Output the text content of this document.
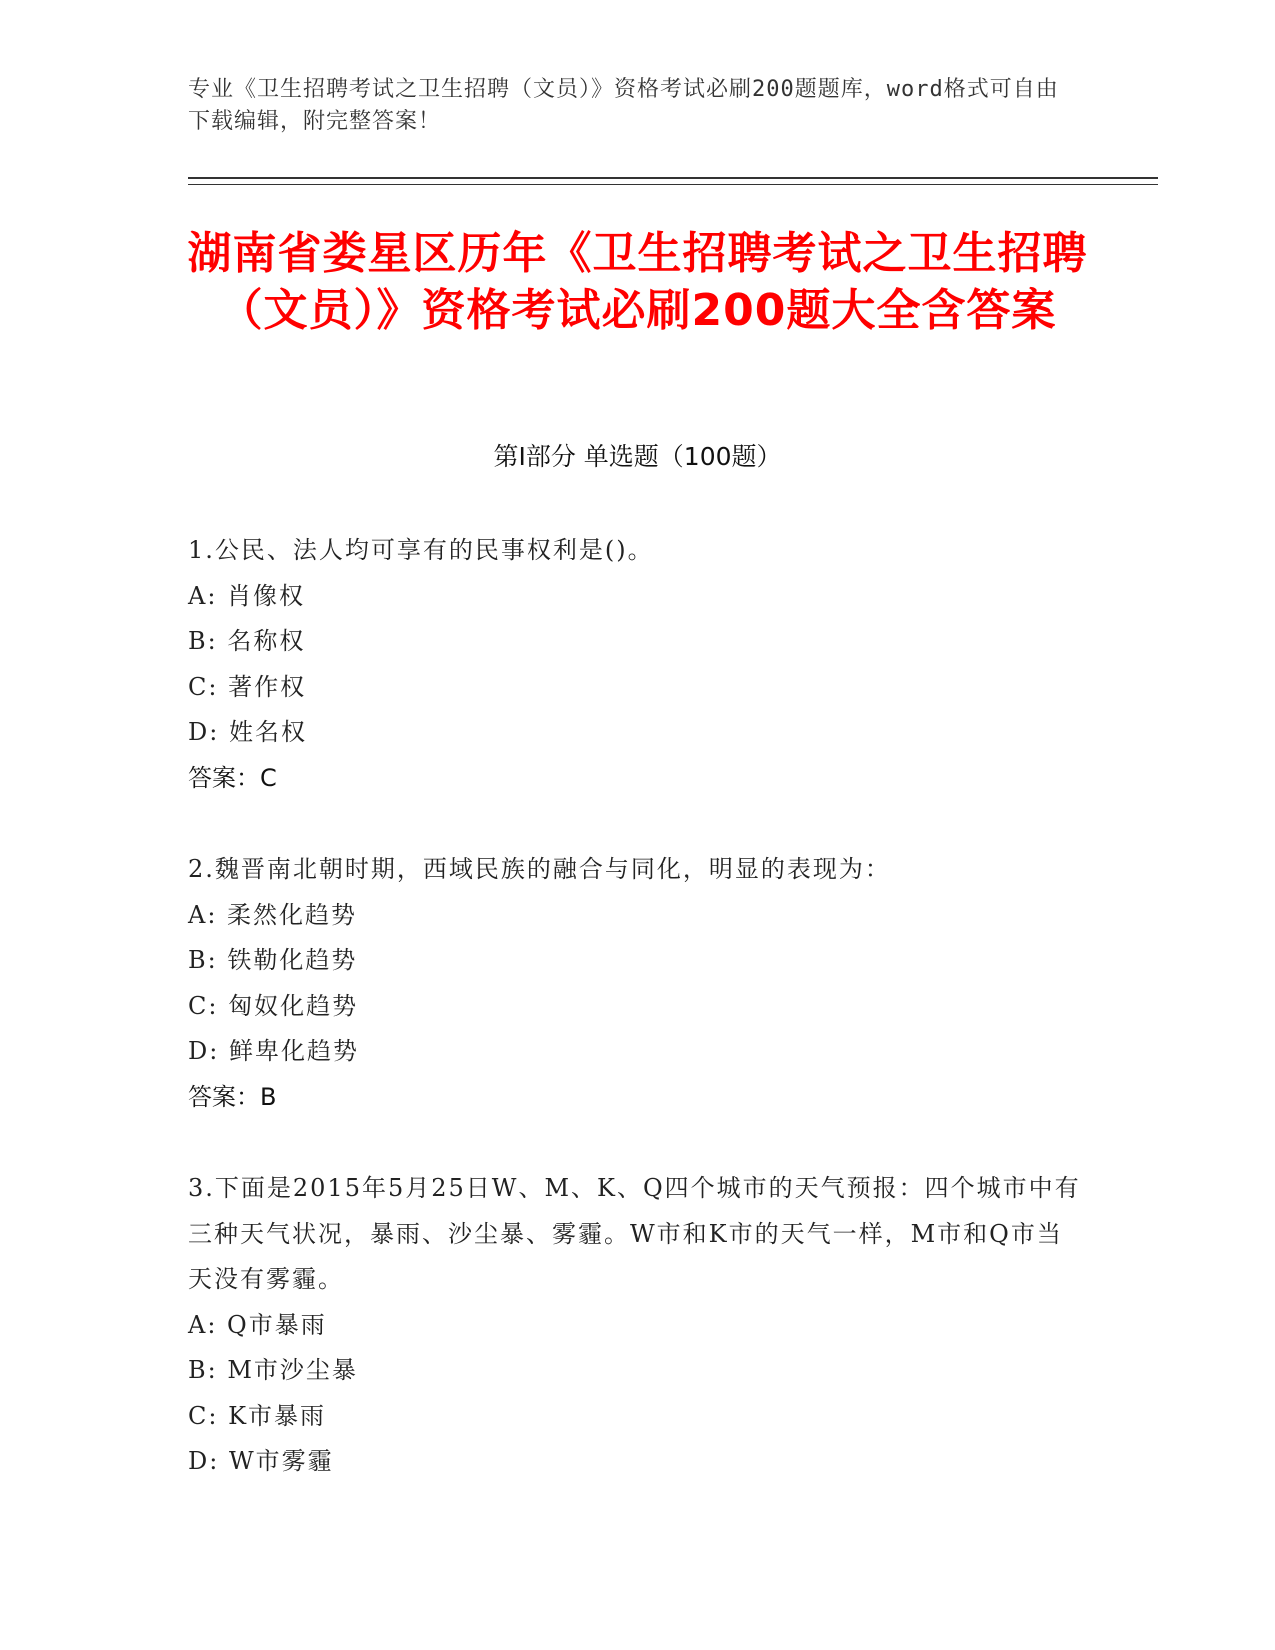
专业《卫生招聘考试之卫生招聘（文员）》资格考试必刷200题题库，word格式可自由下载编辑，附完整答案！
湖南省娄星区历年《卫生招聘考试之卫生招聘（文员）》资格考试必刷200题大全含答案
第Ⅰ部分 单选题（100题）
1.公民、法人均可享有的民事权利是()。
A: 肖像权
B: 名称权
C: 著作权
D: 姓名权
答案：C
2.魏晋南北朝时期，西域民族的融合与同化，明显的表现为：
A: 柔然化趋势
B: 铁勒化趋势
C: 匈奴化趋势
D: 鲜卑化趋势
答案：B
3.下面是2015年5月25日W、M、K、Q四个城市的天气预报：四个城市中有三种天气状况，暴雨、沙尘暴、雾霾。W市和K市的天气一样，M市和Q市当天没有雾霾。
A: Q市暴雨
B: M市沙尘暴
C: K市暴雨
D: W市雾霾
